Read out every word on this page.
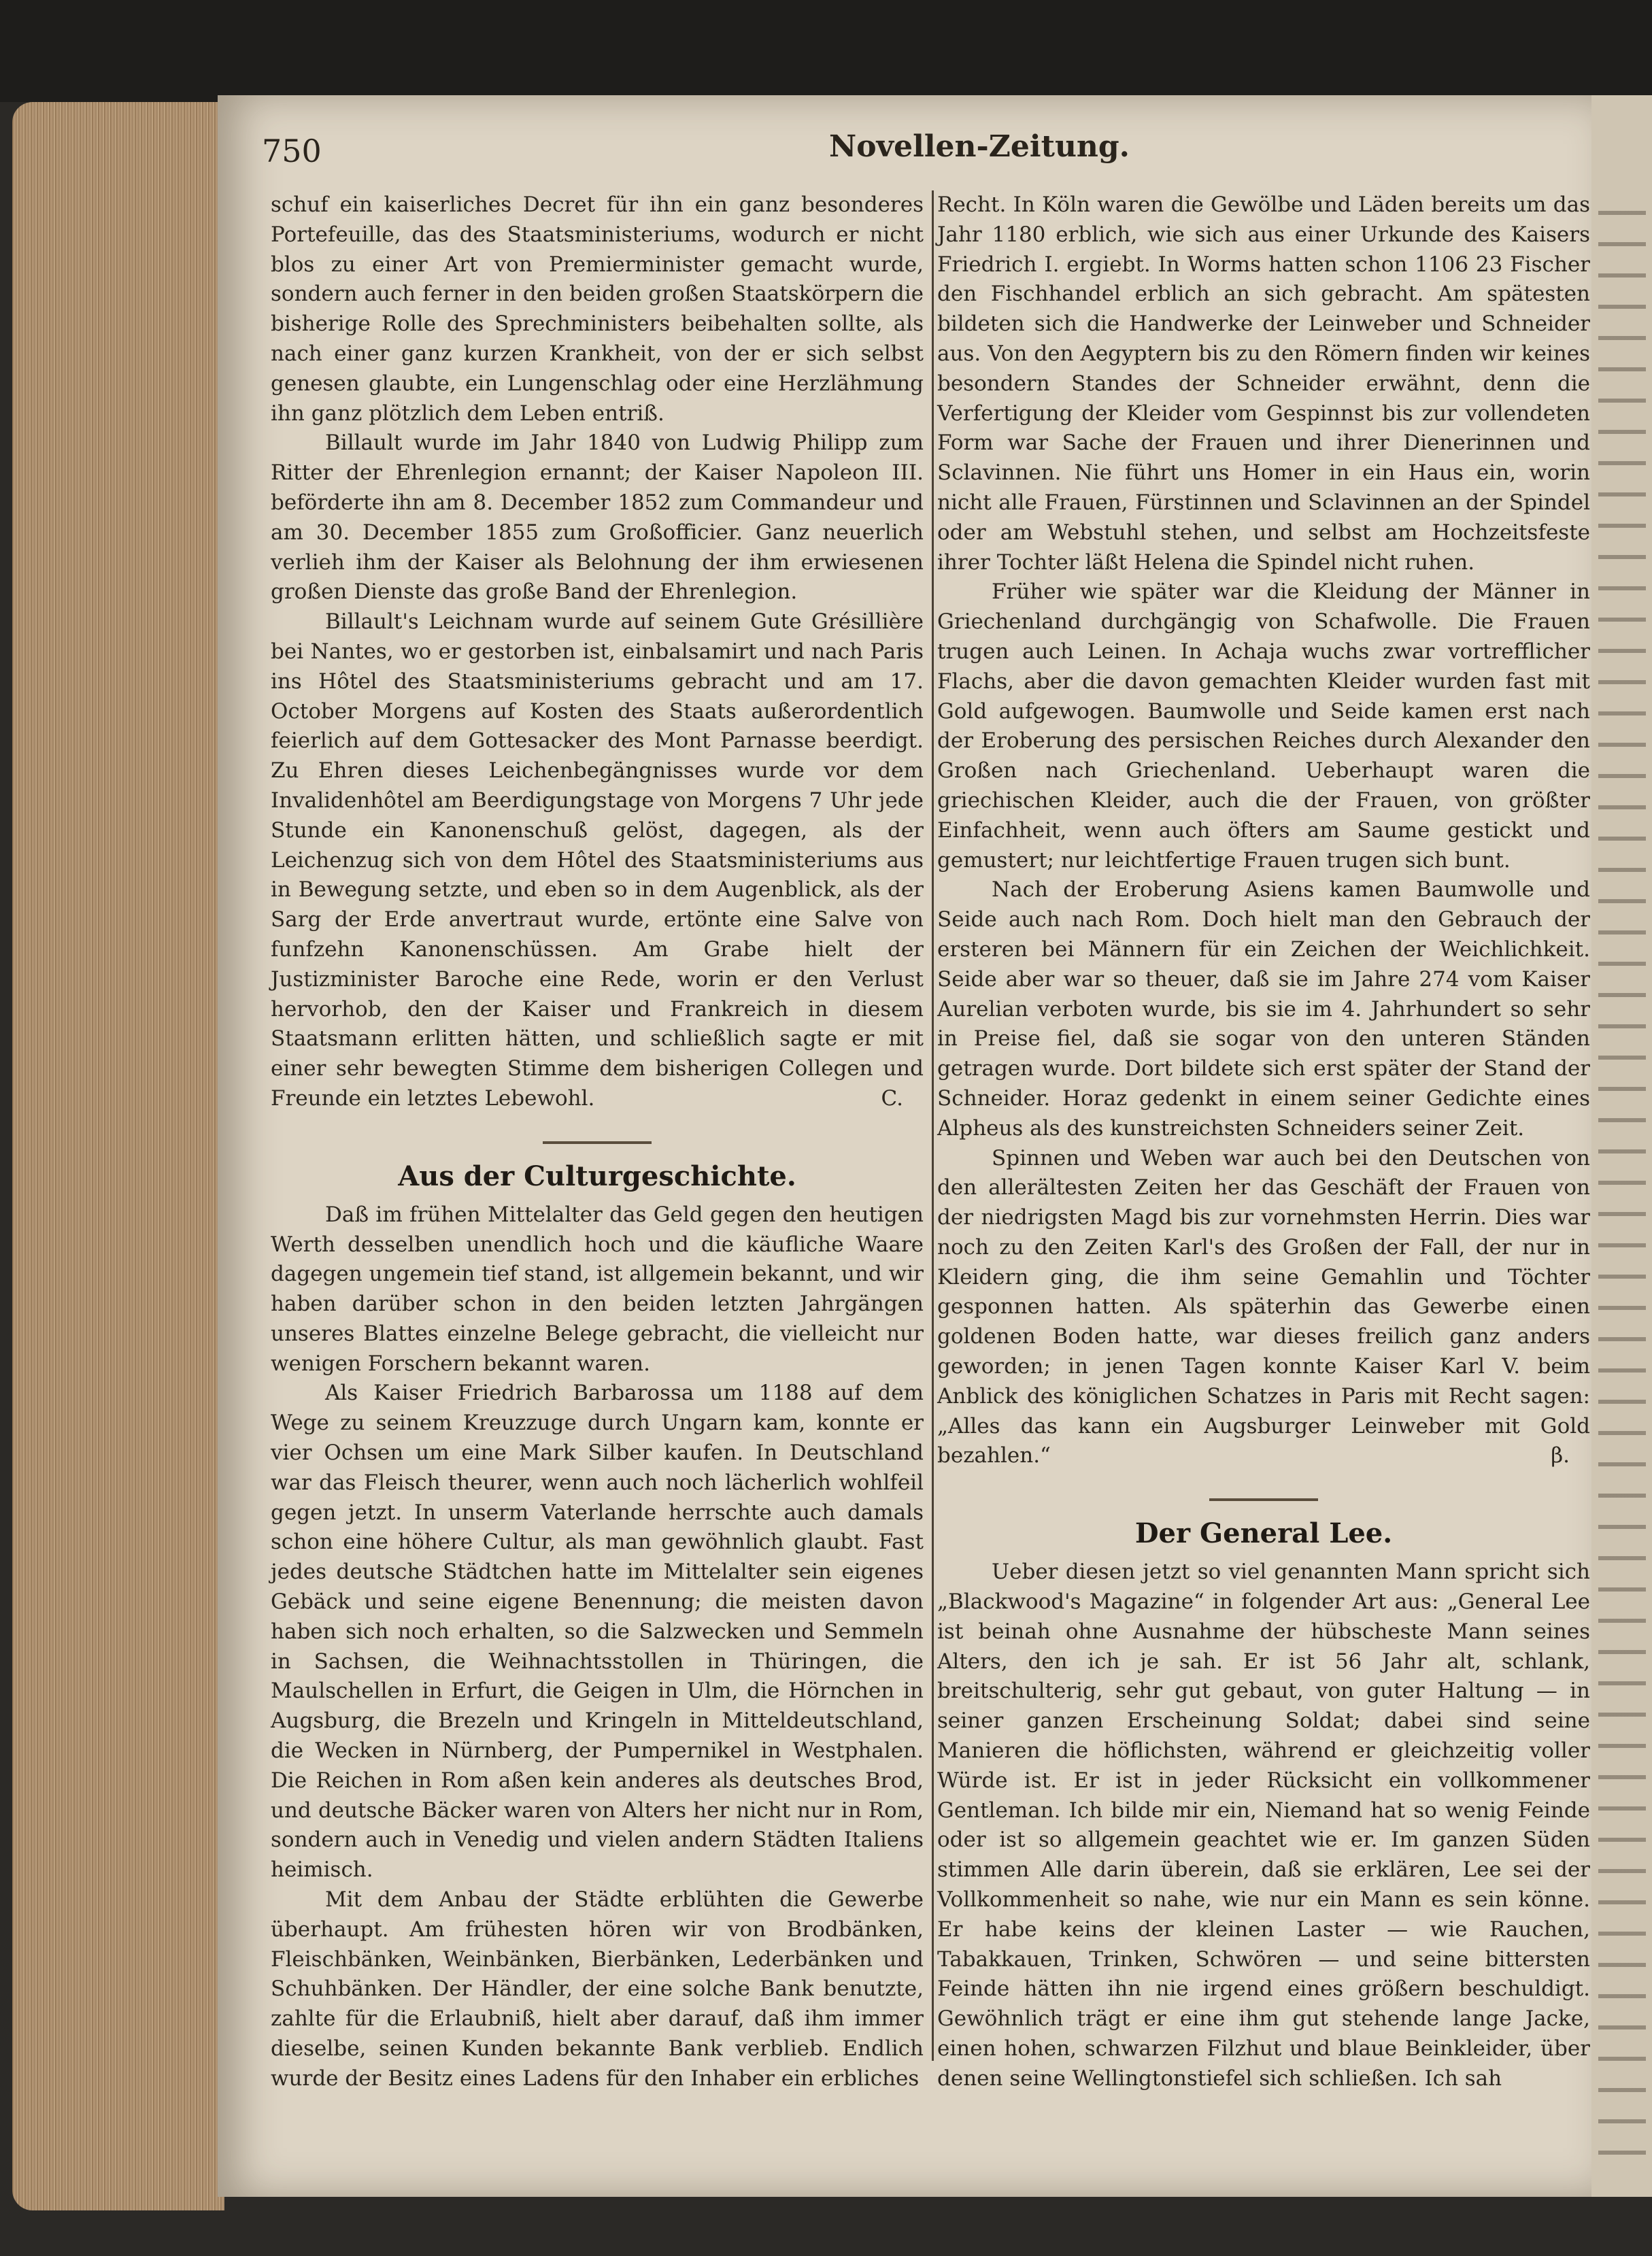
750	Novellen-Zeitung.

schuf ein kaiserliches Decret für ihn ein ganz besonderes Portefeuille, das des Staatsministeriums, wodurch er nicht blos zu einer Art von Premierminister gemacht wurde, sondern auch ferner in den beiden großen Staatskörpern die bisherige Rolle des Sprechministers beibehalten sollte, als nach einer ganz kurzen Krankheit, von der er sich selbst genesen glaubte, ein Lungenschlag oder eine Herzlähmung ihn ganz plötzlich dem Leben entriß.

Billault wurde im Jahr 1840 von Ludwig Philipp zum Ritter der Ehrenlegion ernannt; der Kaiser Napoleon III. beförderte ihn am 8. December 1852 zum Commandeur und am 30. December 1855 zum Großofficier. Ganz neuerlich verlieh ihm der Kaiser als Belohnung der ihm erwiesenen großen Dienste das große Band der Ehrenlegion.

Billault's Leichnam wurde auf seinem Gute Grésillière bei Nantes, wo er gestorben ist, einbalsamirt und nach Paris ins Hôtel des Staatsministeriums gebracht und am 17. October Morgens auf Kosten des Staats außerordentlich feierlich auf dem Gottesacker des Mont Parnasse beerdigt. Zu Ehren dieses Leichenbegängnisses wurde vor dem Invalidenhôtel am Beerdigungstage von Morgens 7 Uhr jede Stunde ein Kanonenschuß gelöst, dagegen, als der Leichenzug sich von dem Hôtel des Staatsministeriums aus in Bewegung setzte, und eben so in dem Augenblick, als der Sarg der Erde anvertraut wurde, ertönte eine Salve von funfzehn Kanonenschüssen. Am Grabe hielt der Justizminister Baroche eine Rede, worin er den Verlust hervorhob, den der Kaiser und Frankreich in diesem Staatsmann erlitten hätten, und schließlich sagte er mit einer sehr bewegten Stimme dem bisherigen Collegen und Freunde ein letztes Lebewohl.	C.
Aus der Culturgeschichte.

Daß im frühen Mittelalter das Geld gegen den heutigen Werth desselben unendlich hoch und die käufliche Waare dagegen ungemein tief stand, ist allgemein bekannt, und wir haben darüber schon in den beiden letzten Jahrgängen unseres Blattes einzelne Belege gebracht, die vielleicht nur wenigen Forschern bekannt waren.

Als Kaiser Friedrich Barbarossa um 1188 auf dem Wege zu seinem Kreuzzuge durch Ungarn kam, konnte er vier Ochsen um eine Mark Silber kaufen. In Deutschland war das Fleisch theurer, wenn auch noch lächerlich wohlfeil gegen jetzt. In unserm Vaterlande herrschte auch damals schon eine höhere Cultur, als man gewöhnlich glaubt. Fast jedes deutsche Städtchen hatte im Mittelalter sein eigenes Gebäck und seine eigene Benennung; die meisten davon haben sich noch erhalten, so die Salzwecken und Semmeln in Sachsen, die Weihnachtsstollen in Thüringen, die Maulschellen in Erfurt, die Geigen in Ulm, die Hörnchen in Augsburg, die Brezeln und Kringeln in Mitteldeutschland, die Wecken in Nürnberg, der Pumpernikel in Westphalen. Die Reichen in Rom aßen kein anderes als deutsches Brod, und deutsche Bäcker waren von Alters her nicht nur in Rom, sondern auch in Venedig und vielen andern Städten Italiens heimisch.

Mit dem Anbau der Städte erblühten die Gewerbe überhaupt. Am frühesten hören wir von Brodbänken, Fleischbänken, Weinbänken, Bierbänken, Lederbänken und Schuhbänken. Der Händler, der eine solche Bank benutzte, zahlte für die Erlaubniß, hielt aber darauf, daß ihm immer dieselbe, seinen Kunden bekannte Bank verblieb. Endlich wurde der Besitz eines Ladens für den Inhaber ein erbliches

Recht. In Köln waren die Gewölbe und Läden bereits um das Jahr 1180 erblich, wie sich aus einer Urkunde des Kaisers Friedrich I. ergiebt. In Worms hatten schon 1106 23 Fischer den Fischhandel erblich an sich gebracht. Am spätesten bildeten sich die Handwerke der Leinweber und Schneider aus. Von den Aegyptern bis zu den Römern finden wir keines besondern Standes der Schneider erwähnt, denn die Verfertigung der Kleider vom Gespinnst bis zur vollendeten Form war Sache der Frauen und ihrer Dienerinnen und Sclavinnen. Nie führt uns Homer in ein Haus ein, worin nicht alle Frauen, Fürstinnen und Sclavinnen an der Spindel oder am Webstuhl stehen, und selbst am Hochzeitsfeste ihrer Tochter läßt Helena die Spindel nicht ruhen.

Früher wie später war die Kleidung der Männer in Griechenland durchgängig von Schafwolle. Die Frauen trugen auch Leinen. In Achaja wuchs zwar vortrefflicher Flachs, aber die davon gemachten Kleider wurden fast mit Gold aufgewogen. Baumwolle und Seide kamen erst nach der Eroberung des persischen Reiches durch Alexander den Großen nach Griechenland. Ueberhaupt waren die griechischen Kleider, auch die der Frauen, von größter Einfachheit, wenn auch öfters am Saume gestickt und gemustert; nur leichtfertige Frauen trugen sich bunt.

Nach der Eroberung Asiens kamen Baumwolle und Seide auch nach Rom. Doch hielt man den Gebrauch der ersteren bei Männern für ein Zeichen der Weichlichkeit. Seide aber war so theuer, daß sie im Jahre 274 vom Kaiser Aurelian verboten wurde, bis sie im 4. Jahrhundert so sehr in Preise fiel, daß sie sogar von den unteren Ständen getragen wurde. Dort bildete sich erst später der Stand der Schneider. Horaz gedenkt in einem seiner Gedichte eines Alpheus als des kunstreichsten Schneiders seiner Zeit.

Spinnen und Weben war auch bei den Deutschen von den allerältesten Zeiten her das Geschäft der Frauen von der niedrigsten Magd bis zur vornehmsten Herrin. Dies war noch zu den Zeiten Karl's des Großen der Fall, der nur in Kleidern ging, die ihm seine Gemahlin und Töchter gesponnen hatten. Als späterhin das Gewerbe einen goldenen Boden hatte, war dieses freilich ganz anders geworden; in jenen Tagen konnte Kaiser Karl V. beim Anblick des königlichen Schatzes in Paris mit Recht sagen: „Alles das kann ein Augsburger Leinweber mit Gold bezahlen.“	β.
Der General Lee.

Ueber diesen jetzt so viel genannten Mann spricht sich „Blackwood's Magazine“ in folgender Art aus: „General Lee ist beinah ohne Ausnahme der hübscheste Mann seines Alters, den ich je sah. Er ist 56 Jahr alt, schlank, breitschulterig, sehr gut gebaut, von guter Haltung — in seiner ganzen Erscheinung Soldat; dabei sind seine Manieren die höflichsten, während er gleichzeitig voller Würde ist. Er ist in jeder Rücksicht ein vollkommener Gentleman. Ich bilde mir ein, Niemand hat so wenig Feinde oder ist so allgemein geachtet wie er. Im ganzen Süden stimmen Alle darin überein, daß sie erklären, Lee sei der Vollkommenheit so nahe, wie nur ein Mann es sein könne. Er habe keins der kleinen Laster — wie Rauchen, Tabakkauen, Trinken, Schwören — und seine bittersten Feinde hätten ihn nie irgend eines größern beschuldigt. Gewöhnlich trägt er eine ihm gut stehende lange Jacke, einen hohen, schwarzen Filzhut und blaue Beinkleider, über denen seine Wellingtonstiefel sich schließen. Ich sah
